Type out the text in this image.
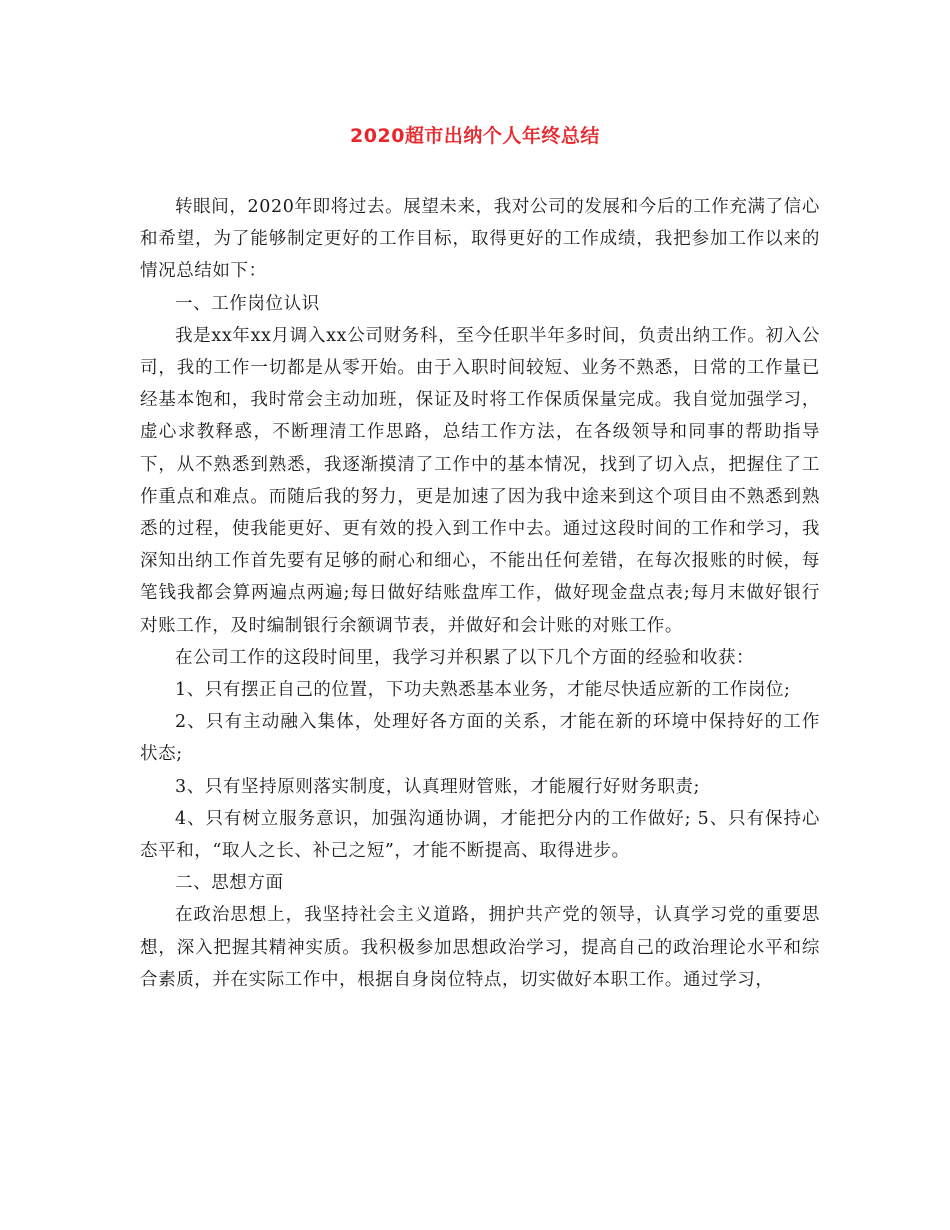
2020超市出纳个人年终总结

转眼间，2020年即将过去。展望未来，我对公司的发展和今后的工作充满了信心和希望，为了能够制定更好的工作目标，取得更好的工作成绩，我把参加工作以来的情况总结如下：

一、工作岗位认识

我是xx年xx月调入xx公司财务科，至今任职半年多时间，负责出纳工作。初入公司，我的工作一切都是从零开始。由于入职时间较短、业务不熟悉，日常的工作量已经基本饱和，我时常会主动加班，保证及时将工作保质保量完成。我自觉加强学习，虚心求教释惑，不断理清工作思路，总结工作方法，在各级领导和同事的帮助指导下，从不熟悉到熟悉，我逐渐摸清了工作中的基本情况，找到了切入点，把握住了工作重点和难点。而随后我的努力，更是加速了因为我中途来到这个项目由不熟悉到熟悉的过程，使我能更好、更有效的投入到工作中去。通过这段时间的工作和学习，我深知出纳工作首先要有足够的耐心和细心，不能出任何差错，在每次报账的时候，每笔钱我都会算两遍点两遍;每日做好结账盘库工作，做好现金盘点表;每月末做好银行对账工作，及时编制银行余额调节表，并做好和会计账的对账工作。

在公司工作的这段时间里，我学习并积累了以下几个方面的经验和收获：

1、只有摆正自己的位置，下功夫熟悉基本业务，才能尽快适应新的工作岗位;

2、只有主动融入集体，处理好各方面的关系，才能在新的环境中保持好的工作状态;

3、只有坚持原则落实制度，认真理财管账，才能履行好财务职责;

4、只有树立服务意识，加强沟通协调，才能把分内的工作做好; 5、只有保持心态平和，“取人之长、补己之短”，才能不断提高、取得进步。

二、思想方面

在政治思想上，我坚持社会主义道路，拥护共产党的领导，认真学习党的重要思想，深入把握其精神实质。我积极参加思想政治学习，提高自己的政治理论水平和综合素质，并在实际工作中，根据自身岗位特点，切实做好本职工作。通过学习，
